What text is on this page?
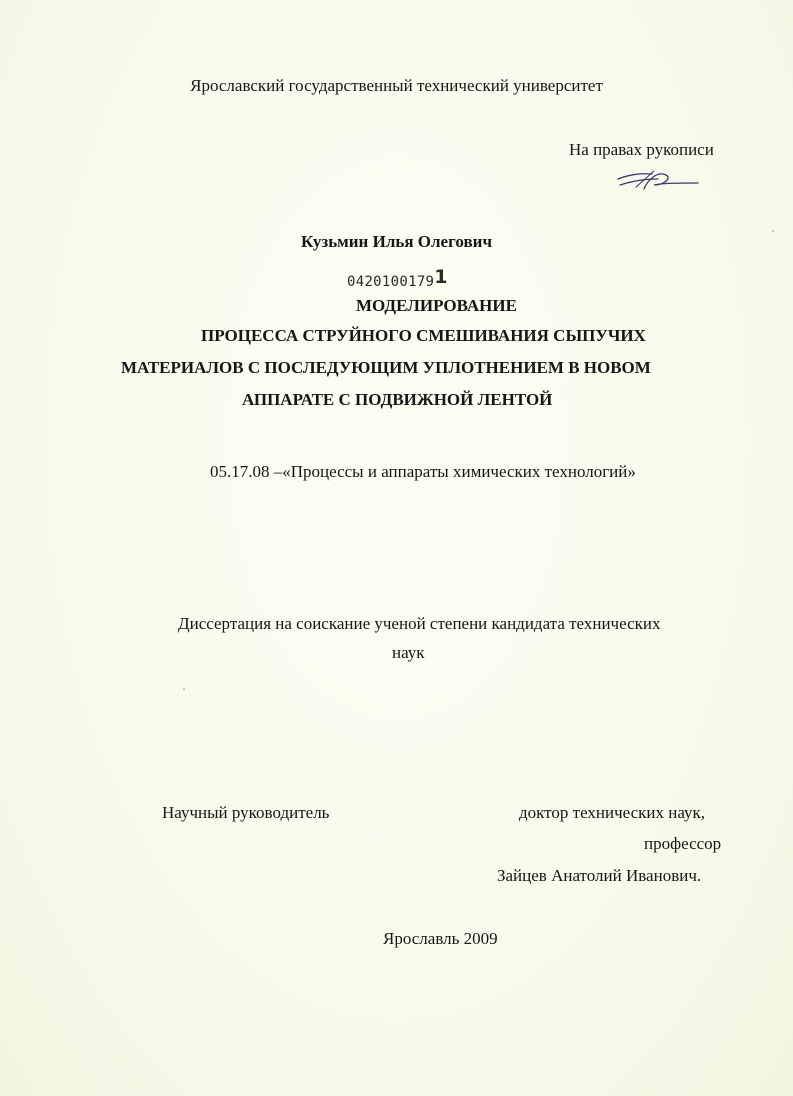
Ярославский государственный технический университет
На правах рукописи
Кузьмин Илья Олегович
04201001791
МОДЕЛИРОВАНИЕ
ПРОЦЕССА СТРУЙНОГО СМЕШИВАНИЯ СЫПУЧИХ
МАТЕРИАЛОВ С ПОСЛЕДУЮЩИМ УПЛОТНЕНИЕМ В НОВОМ
АППАРАТЕ С ПОДВИЖНОЙ ЛЕНТОЙ
05.17.08 –«Процессы и аппараты химических технологий»
Диссертация на соискание ученой степени кандидата технических
наук
Научный руководитель	доктор технических наук,
профессор
Зайцев Анатолий Иванович.
Ярославль 2009
